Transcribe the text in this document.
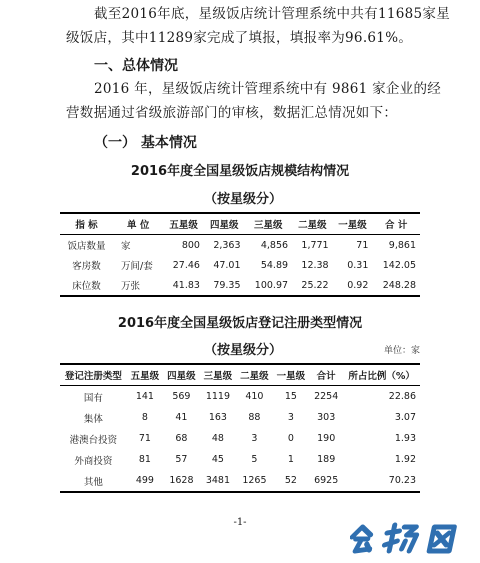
截至2016年底，星级饭店统计管理系统中共有11685家星

级饭店，其中11289家完成了填报，填报率为96.61%。

一、总体情况

2016 年，星级饭店统计管理系统中有 9861 家企业的经

营数据通过省级旅游部门的审核，数据汇总情况如下：

（一） 基本情况
2016年度全国星级饭店规模结构情况
（按星级分）
指 标	单 位	五星级	四星级	三星级	二星级	一星级	合 计
饭店数量	家	800	2,363	4,856	1,771	71	9,861
客房数	万间/套	27.46	47.01	54.89	12.38	0.31	142.05
床位数	万张	41.83	79.35	100.97	25.22	0.92	248.28
2016年度全国星级饭店登记注册类型情况
（按星级分）	单位：家
登记注册类型	五星级	四星级	三星级	二星级	一星级	合计	所占比例（%）
国有	141	569	1119	410	15	2254	22.86
集体	8	41	163	88	3	303	3.07
港澳台投资	71	68	48	3	0	190	1.93
外商投资	81	57	45	5	1	189	1.92
其他	499	1628	3481	1265	52	6925	70.23
-1-
